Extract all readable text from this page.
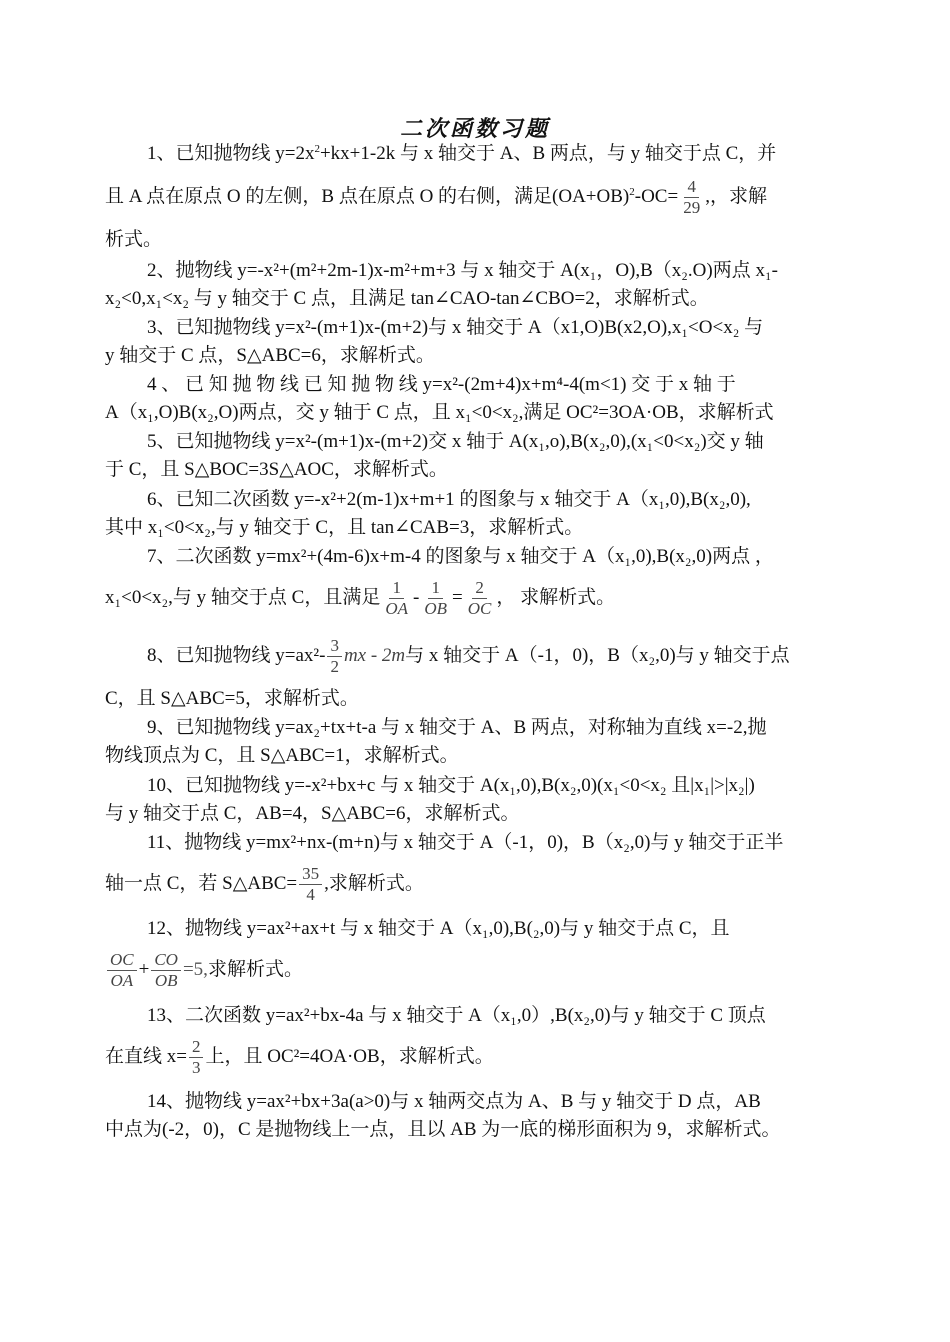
二次函数习题
1、已知抛物线 $y=2x^2+kx+1-2k$ 与 x 轴交于 A、B 两点，与 y 轴交于点 C，并
且 A 点在原点 O 的左侧，B 点在原点 O 的右侧，满足$(OA+OB)^2-OC= \frac{4}{29}$ ,，求解
析式。
2、抛物线 y=-x²+(m²+2m-1)x-m²+m+3 与 x 轴交于 A(x₁，O),B（x₂.O)两点 x₁-
x₂<0,x₁<x₂ 与 y 轴交于 C 点，且满足 tan∠CAO-tan∠CBO=2，求解析式。
3、已知抛物线 y=x²-(m+1)x-(m+2)与 x 轴交于 A（x1,O)B(x2,O),x₁<O<x₂ 与
y 轴交于 C 点，S△ABC=6，求解析式。
4 、 已 知 抛 物 线 已 知 抛 物 线 y=x²-(2m+4)x+m⁴-4(m<1) 交 于 x 轴 于
A（x₁,O)B(x₂,O)两点，交 y 轴于 C 点，且 x₁<0<x₂,满足 OC²=3OA·OB，求解析式
5、已知抛物线 y=x²-(m+1)x-(m+2)交 x 轴于 A(x₁,o),B(x₂,0),(x₁<0<x₂)交 y 轴
于 C，且 S△BOC=3S△AOC，求解析式。
6、已知二次函数 y=-x²+2(m-1)x+m+1 的图象与 x 轴交于 A（x₁,0),B(x₂,0),
其中 x₁<0<x₂,与 y 轴交于 C，且 tan∠CAB=3，求解析式。
7、二次函数 y=mx²+(4m-6)x+m-4 的图象与 x 轴交于 A（x₁,0),B(x₂,0)两点 ，
x₁<0<x₂,与 y 轴交于点 C，且满足 $\frac{1}{OA} - \frac{1}{OB} = \frac{2}{OC}$ ， 求解析式。
8、已知抛物线 $y=ax^2- \frac{3}{2}$ mx - 2m与 x 轴交于 A（-1，0)，B（x₂,0)与 y 轴交于点
C，且 S△ABC=5，求解析式。
9、已知抛物线 y=ax₂+tx+t-a 与 x 轴交于 A、B 两点，对称轴为直线 x=-2,抛
物线顶点为 C，且 S△ABC=1，求解析式。
10、已知抛物线 y=-x²+bx+c 与 x 轴交于 A(x₁,0),B(x₂,0)(x₁<0<x₂ 且|x₁|>|x₂|)
与 y 轴交于点 C，AB=4，S△ABC=6，求解析式。
11、抛物线 y=mx²+nx-(m+n)与 x 轴交于 A（-1，0)，B（x₂,0)与 y 轴交于正半
轴一点 C，若 S△ABC= $\frac{35}{4}$ ,求解析式。
12、抛物线 y=ax²+ax+t 与 x 轴交于 A（x₁,0),B(₂,0)与 y 轴交于点 C，且
$\frac{OC}{OA} + \frac{CO}{OB} =5$,求解析式。
13、二次函数 y=ax²+bx-4a 与 x 轴交于 A（x₁,0）,B(x₂,0)与 y 轴交于 C 顶点
在直线 $x= \frac{2}{3}$ 上，且 OC²=4OA·OB，求解析式。
14、抛物线 y=ax²+bx+3a(a>0)与 x 轴两交点为 A、B 与 y 轴交于 D 点，AB
中点为(-2，0)，C 是抛物线上一点，且以 AB 为一底的梯形面积为 9，求解析式。
